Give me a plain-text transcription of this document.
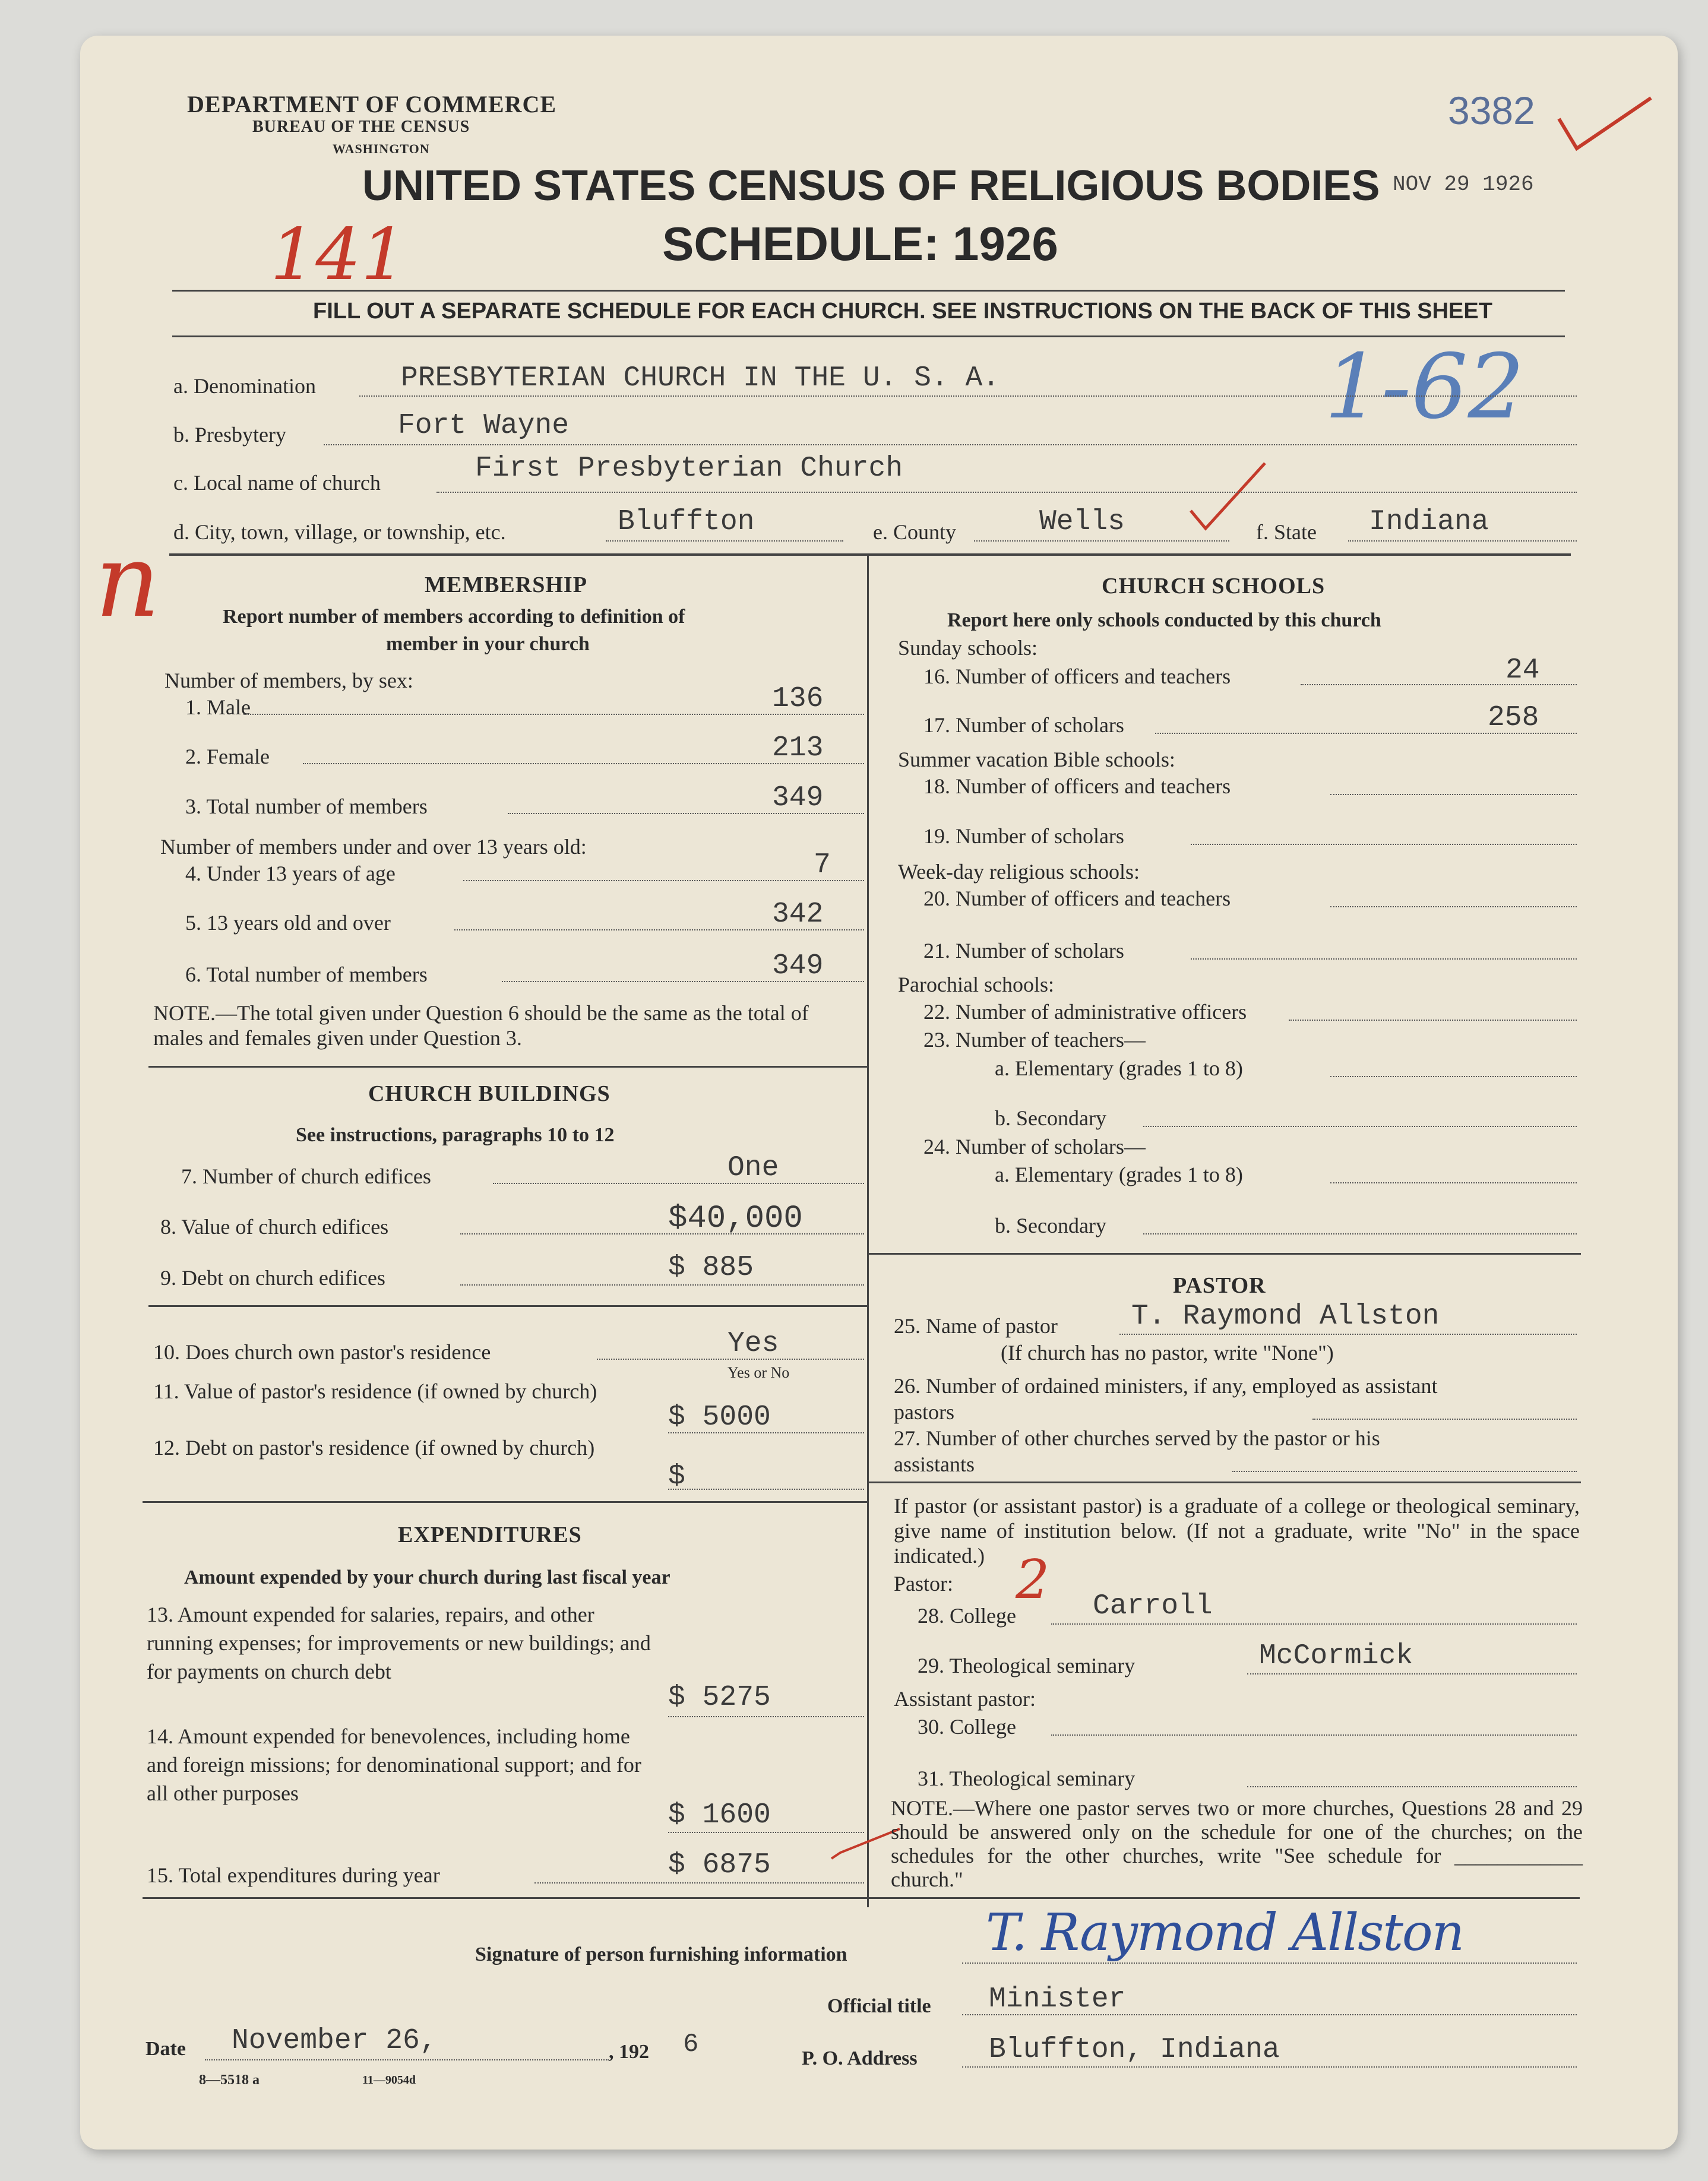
DEPARTMENT OF COMMERCE
BUREAU OF THE CENSUS
WASHINGTON
UNITED STATES CENSUS OF RELIGIOUS BODIES
SCHEDULE: 1926
FILL OUT A SEPARATE SCHEDULE FOR EACH CHURCH. SEE INSTRUCTIONS ON THE BACK OF THIS SHEET
3382
NOV 29 1926
141
1-62
n
a. Denomination	PRESBYTERIAN CHURCH IN THE U. S. A.
b. Presbytery	Fort Wayne
c. Local name of church	First Presbyterian Church
d. City, town, village, or township, etc.	Bluffton	e. County	Wells	f. State Indiana
MEMBERSHIP
Report number of members according to definition of
member in your church
Number of members, by sex:
1. Male	136
2. Female	213
3. Total number of members	349
Number of members under and over 13 years old:
4. Under 13 years of age	7
5. 13 years old and over	342
6. Total number of members	349
NOTE.—The total given under Question 6 should be the same as the total of males and females given under Question 3.
CHURCH BUILDINGS
See instructions, paragraphs 10 to 12
7. Number of church edifices	One
8. Value of church edifices	$40,000
9. Debt on church edifices	$ 885
10. Does church own pastor's residence	Yes
Yes or No
11. Value of pastor's residence (if owned by church)
$ 5000
12. Debt on pastor's residence (if owned by church)
$
EXPENDITURES
Amount expended by your church during last fiscal year
13. Amount expended for salaries, repairs, and other running expenses; for improvements or new buildings; and for payments on church debt
$ 5275
14. Amount expended for benevolences, including home and foreign missions; for denominational support; and for all other purposes
$ 1600
15. Total expenditures during year	$ 6875
CHURCH SCHOOLS
Report here only schools conducted by this church
Sunday schools:
16. Number of officers and teachers	24
17. Number of scholars	258
Summer vacation Bible schools:
18. Number of officers and teachers
19. Number of scholars
Week-day religious schools:
20. Number of officers and teachers
21. Number of scholars
Parochial schools:
22. Number of administrative officers
23. Number of teachers—
a. Elementary (grades 1 to 8)
b. Secondary
24. Number of scholars—
a. Elementary (grades 1 to 8)
b. Secondary
PASTOR
25. Name of pastor	T. Raymond Allston
(If church has no pastor, write "None")
26. Number of ordained ministers, if any, employed as assistant pastors
27. Number of other churches served by the pastor or his assistants
If pastor (or assistant pastor) is a graduate of a college or theological seminary, give name of institution below. (If not a graduate, write "No" in the space indicated.)
Pastor: 2
28. College	Carroll
29. Theological seminary	McCormick
Assistant pastor:
30. College
31. Theological seminary
NOTE.—Where one pastor serves two or more churches, Questions 28 and 29 should be answered only on the schedule for one of the churches; on the schedules for the other churches, write "See schedule for ____________ church."
Signature of person furnishing information	T. Raymond Allston
Official title Minister
P. O. Address	Bluffton, Indiana
Date November 26,	, 192 6
8—5518 a	11—9054d
